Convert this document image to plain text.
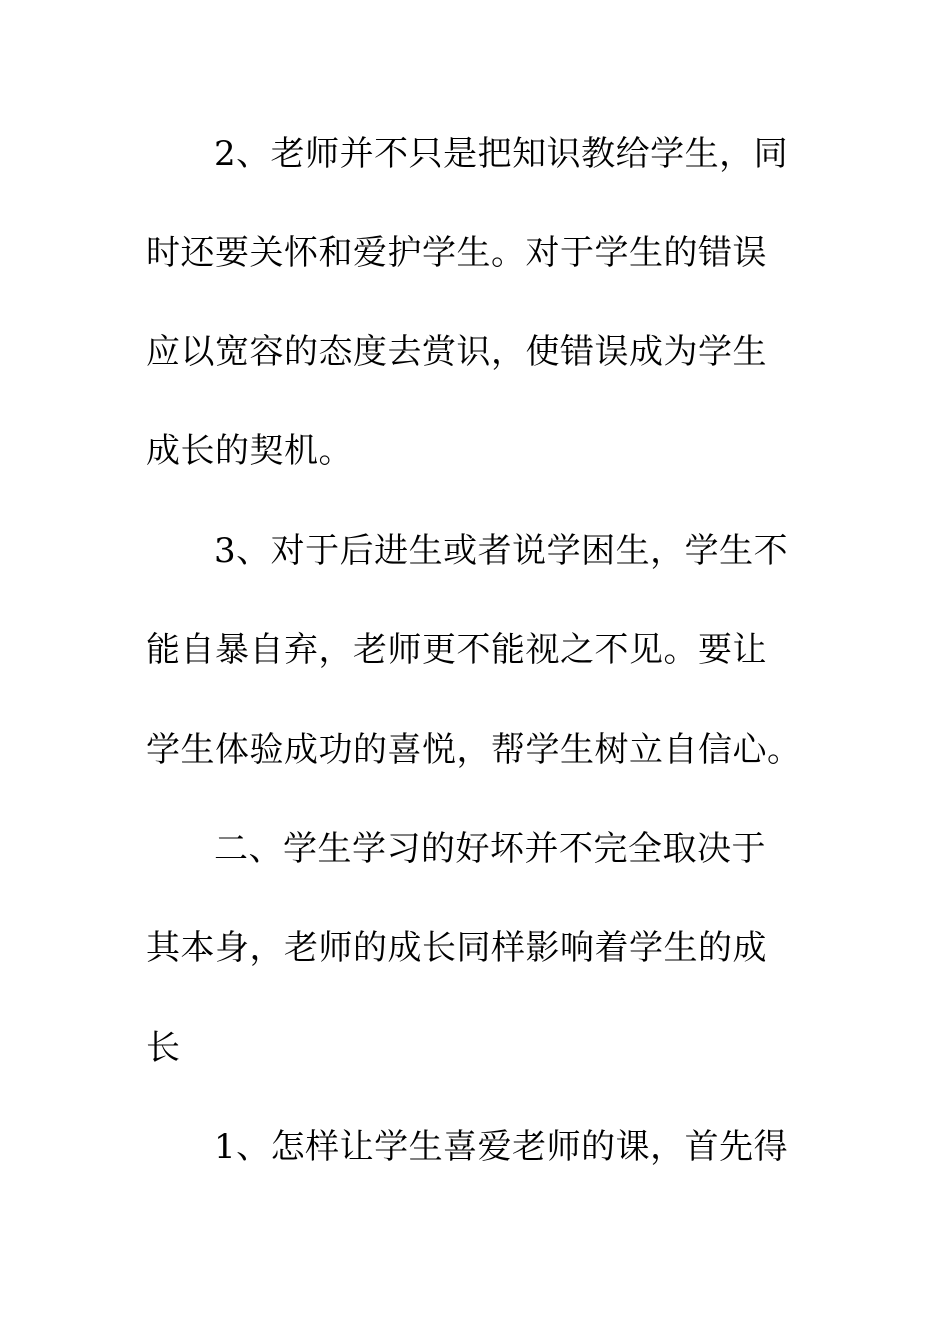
2、老师并不只是把知识教给学生，同
时还要关怀和爱护学生。对于学生的错误
应以宽容的态度去赏识，使错误成为学生
成长的契机。
3、对于后进生或者说学困生，学生不
能自暴自弃，老师更不能视之不见。要让
学生体验成功的喜悦，帮学生树立自信心。
二、学生学习的好坏并不完全取决于
其本身，老师的成长同样影响着学生的成
长
1、怎样让学生喜爱老师的课，首先得
